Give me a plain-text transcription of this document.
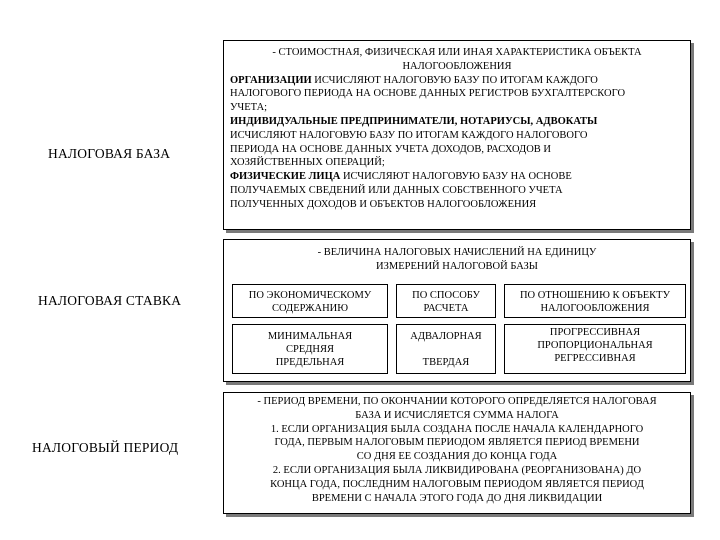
НАЛОГОВАЯ БАЗА
НАЛОГОВАЯ СТАВКА
НАЛОГОВЫЙ ПЕРИОД
- СТОИМОСТНАЯ, ФИЗИЧЕСКАЯ ИЛИ ИНАЯ ХАРАКТЕРИСТИКА ОБЪЕКТА
НАЛОГООБЛОЖЕНИЯ
ОРГАНИЗАЦИИ ИСЧИСЛЯЮТ НАЛОГОВУЮ БАЗУ ПО ИТОГАМ КАЖДОГО
НАЛОГОВОГО ПЕРИОДА НА ОСНОВЕ ДАННЫХ РЕГИСТРОВ БУХГАЛТЕРСКОГО
УЧЕТА;
ИНДИВИДУАЛЬНЫЕ ПРЕДПРИНИМАТЕЛИ, НОТАРИУСЫ, АДВОКАТЫ
ИСЧИСЛЯЮТ НАЛОГОВУЮ БАЗУ ПО ИТОГАМ КАЖДОГО НАЛОГОВОГО
ПЕРИОДА НА ОСНОВЕ ДАННЫХ УЧЕТА ДОХОДОВ, РАСХОДОВ И
ХОЗЯЙСТВЕННЫХ ОПЕРАЦИЙ;
ФИЗИЧЕСКИЕ ЛИЦА ИСЧИСЛЯЮТ НАЛОГОВУЮ БАЗУ НА ОСНОВЕ
ПОЛУЧАЕМЫХ СВЕДЕНИЙ ИЛИ ДАННЫХ СОБСТВЕННОГО УЧЕТА
ПОЛУЧЕННЫХ ДОХОДОВ И ОБЪЕКТОВ НАЛОГООБЛОЖЕНИЯ
- ВЕЛИЧИНА НАЛОГОВЫХ НАЧИСЛЕНИЙ НА ЕДИНИЦУ
ИЗМЕРЕНИЙ НАЛОГОВОЙ БАЗЫ
ПО ЭКОНОМИЧЕСКОМУ
СОДЕРЖАНИЮ
ПО СПОСОБУ
РАСЧЕТА
ПО ОТНОШЕНИЮ К ОБЪЕКТУ
НАЛОГООБЛОЖЕНИЯ
МИНИМАЛЬНАЯ
СРЕДНЯЯ
ПРЕДЕЛЬНАЯ
АДВАЛОРНАЯ
ТВЕРДАЯ
ПРОГРЕССИВНАЯ
ПРОПОРЦИОНАЛЬНАЯ
РЕГРЕССИВНАЯ
- ПЕРИОД ВРЕМЕНИ, ПО ОКОНЧАНИИ КОТОРОГО ОПРЕДЕЛЯЕТСЯ НАЛОГОВАЯ
БАЗА И ИСЧИСЛЯЕТСЯ СУММА НАЛОГА
1. ЕСЛИ ОРГАНИЗАЦИЯ БЫЛА СОЗДАНА ПОСЛЕ НАЧАЛА КАЛЕНДАРНОГО
ГОДА, ПЕРВЫМ НАЛОГОВЫМ ПЕРИОДОМ ЯВЛЯЕТСЯ ПЕРИОД ВРЕМЕНИ
СО ДНЯ ЕЕ СОЗДАНИЯ ДО КОНЦА ГОДА
2. ЕСЛИ ОРГАНИЗАЦИЯ БЫЛА ЛИКВИДИРОВАНА (РЕОРГАНИЗОВАНА) ДО
КОНЦА ГОДА, ПОСЛЕДНИМ НАЛОГОВЫМ ПЕРИОДОМ ЯВЛЯЕТСЯ ПЕРИОД
ВРЕМЕНИ С НАЧАЛА ЭТОГО ГОДА ДО ДНЯ ЛИКВИДАЦИИ
